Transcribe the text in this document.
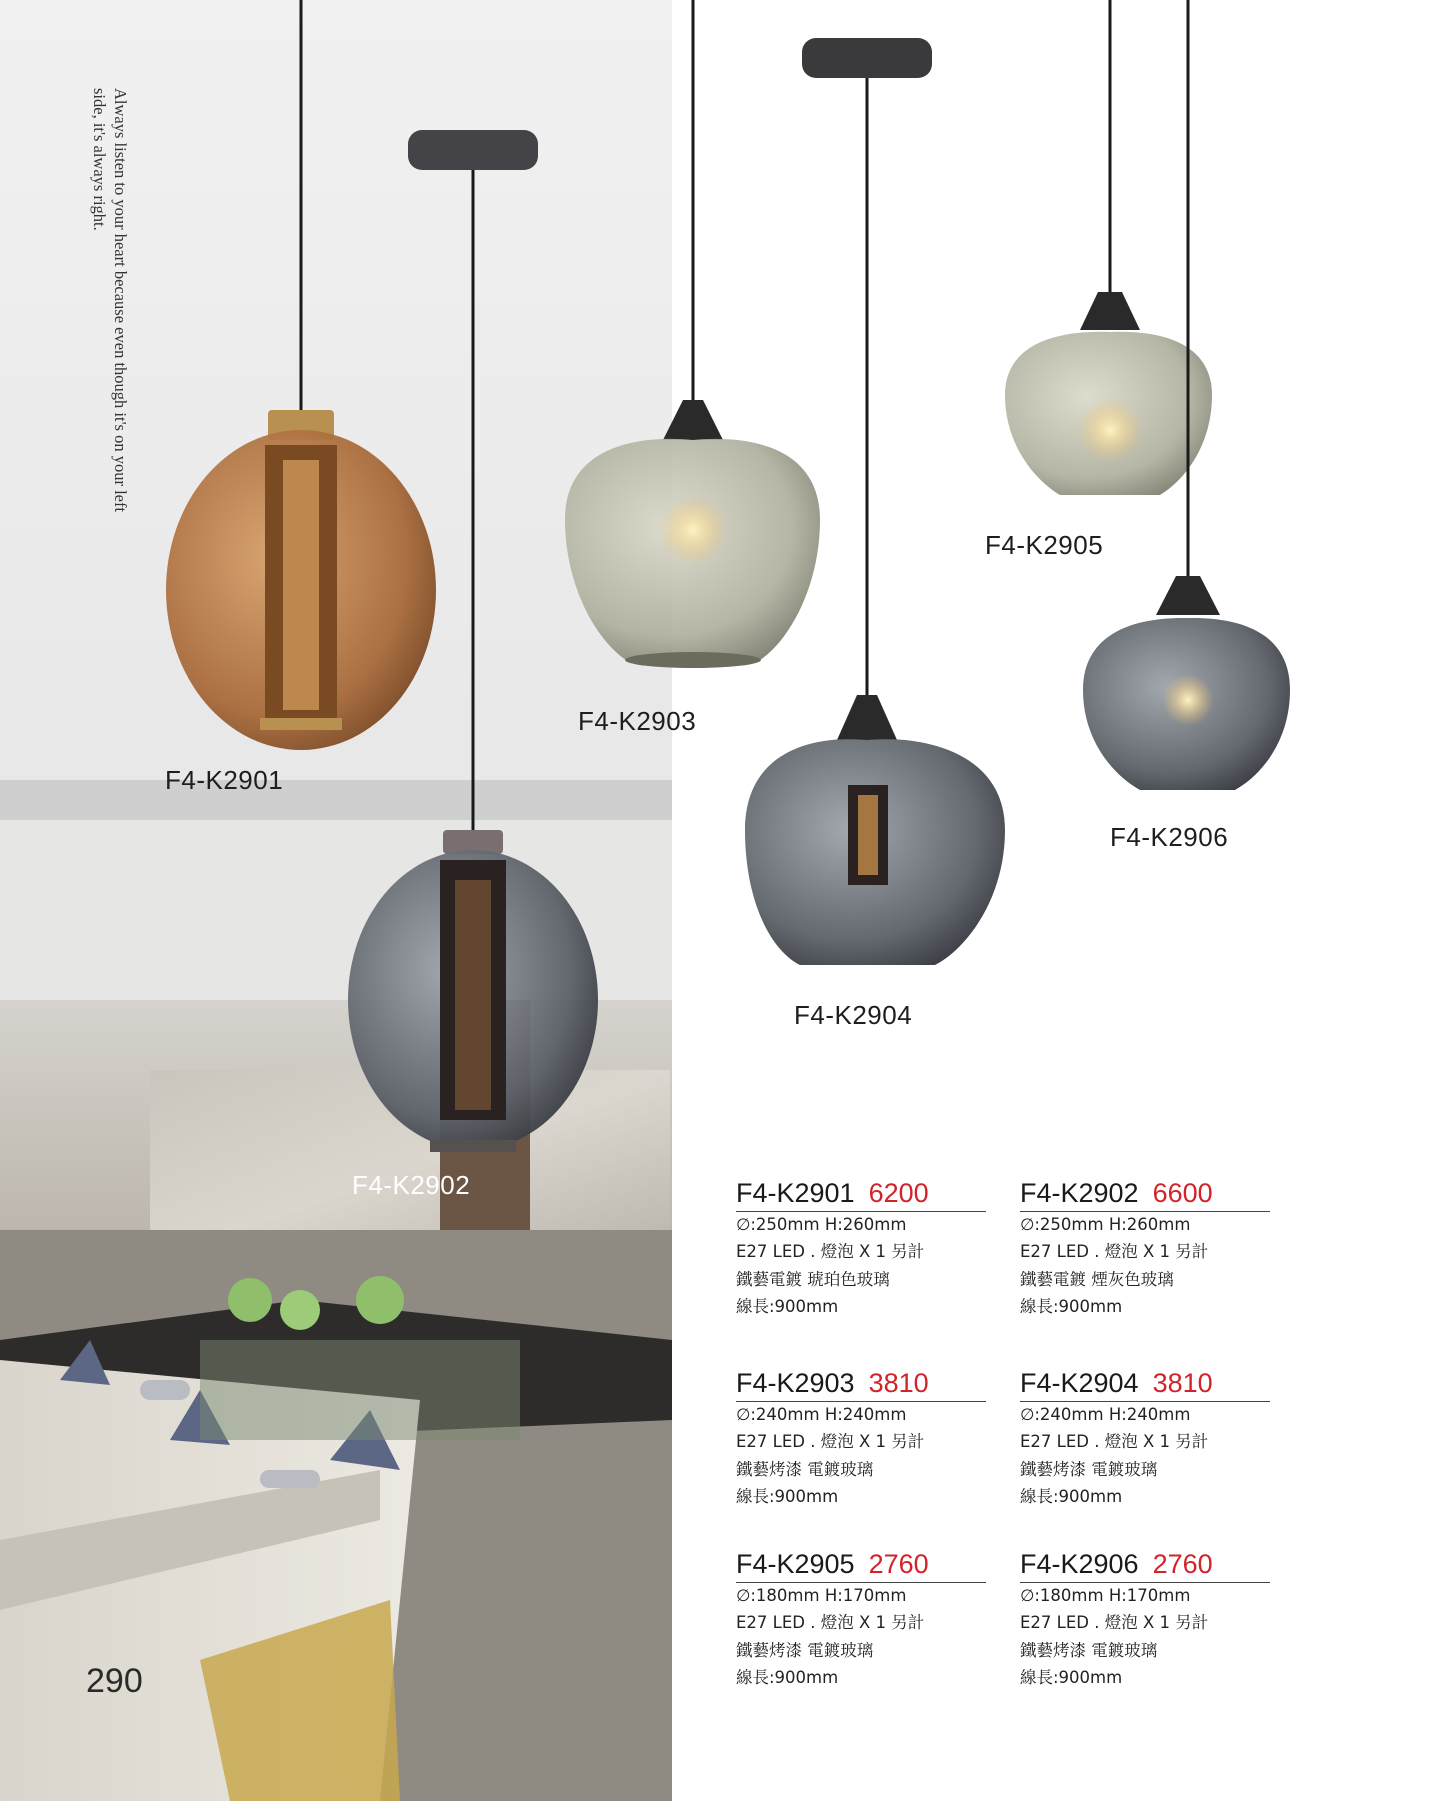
Always listen to your heart because even though it's on your left side, it's always right.
F4-K2901
F4-K2902
F4-K2903
F4-K2904
F4-K2905
F4-K2906
F4-K2901 6200
∅:250mm H:260mm
E27 LED . 燈泡 X 1 另計
鐵藝電鍍 琥珀色玻璃
線長:900mm
F4-K2902 6600
∅:250mm H:260mm
E27 LED . 燈泡 X 1 另計
鐵藝電鍍 煙灰色玻璃
線長:900mm
F4-K2903 3810
∅:240mm H:240mm
E27 LED . 燈泡 X 1 另計
鐵藝烤漆 電鍍玻璃
線長:900mm
F4-K2904 3810
∅:240mm H:240mm
E27 LED . 燈泡 X 1 另計
鐵藝烤漆 電鍍玻璃
線長:900mm
F4-K2905 2760
∅:180mm H:170mm
E27 LED . 燈泡 X 1 另計
鐵藝烤漆 電鍍玻璃
線長:900mm
F4-K2906 2760
∅:180mm H:170mm
E27 LED . 燈泡 X 1 另計
鐵藝烤漆 電鍍玻璃
線長:900mm
290
